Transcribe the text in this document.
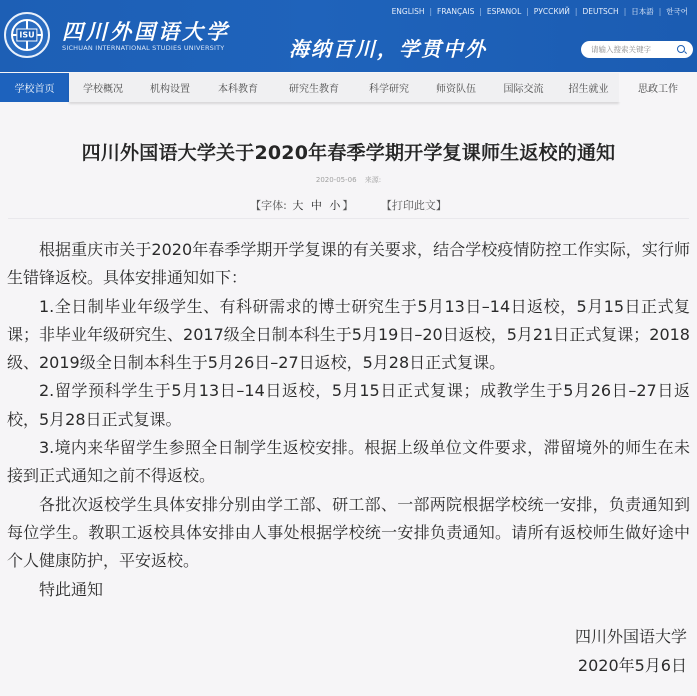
ISU 四川外国语大学
SICHUAN INTERNATIONAL STUDIES UNIVERSITY	海纳百川，学贯中外
ENGLISH | FRANÇAIS | ESPANOL | РУССКИЙ | DEUTSCH | 日本語 | 한국어
请输入搜索关键字
学校首页	学校概况	机构设置	本科教育	研究生教育	科学研究	师资队伍	国际交流	招生就业	思政工作
四川外国语大学关于2020年春季学期开学复课师生返校的通知
2020-05-06 来源:
【字体: 大 中 小 】	【打印此文】

根据重庆市关于2020年春季学期开学复课的有关要求，结合学校疫情防控工作实际，实行师生错锋返校。具体安排通知如下：

1.全日制毕业年级学生、有科研需求的博士研究生于5月13日–14日返校，5月15日正式复课；非毕业年级研究生、2017级全日制本科生于5月19日–20日返校，5月21日正式复课；2018级、2019级全日制本科生于5月26日–27日返校，5月28日正式复课。

2.留学预科学生于5月13日–14日返校，5月15日正式复课；成教学生于5月26日–27日返校，5月28日正式复课。

3.境内来华留学生参照全日制学生返校安排。根据上级单位文件要求，滞留境外的师生在未接到正式通知之前不得返校。

各批次返校学生具体安排分别由学工部、研工部、一部两院根据学校统一安排，负责通知到每位学生。教职工返校具体安排由人事处根据学校统一安排负责通知。请所有返校师生做好途中个人健康防护，平安返校。

特此通知

四川外国语大学
2020年5月6日
